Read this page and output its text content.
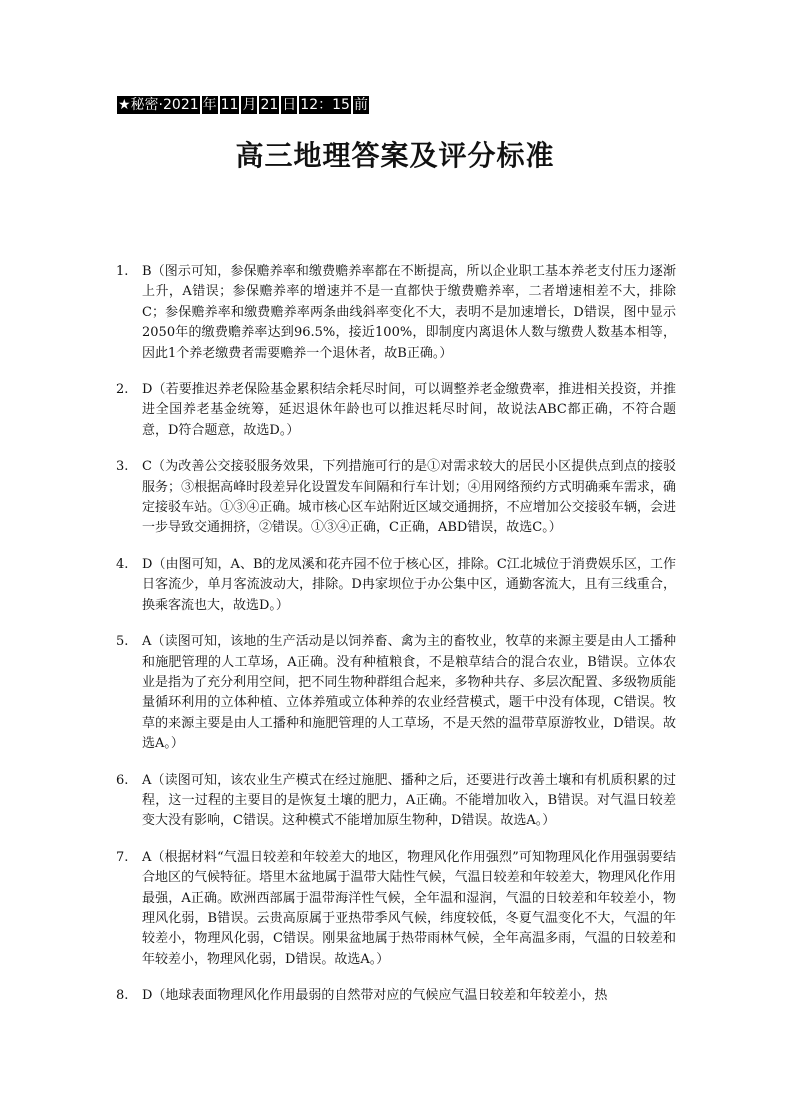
★秘密·2021 年 11 月 21 日 12：15 前
高三地理答案及评分标准
1.	B（图示可知，参保赡养率和缴费赡养率都在不断提高，所以企业职工基本养老支付压力逐渐上升，A错误；参保赡养率的增速并不是一直都快于缴费赡养率，二者增速相差不大，排除C；参保赡养率和缴费赡养率两条曲线斜率变化不大，表明不是加速增长，D错误，图中显示2050年的缴费赡养率达到96.5%，接近100%，即制度内离退休人数与缴费人数基本相等，因此1个养老缴费者需要赡养一个退休者，故B正确。）
2.	D（若要推迟养老保险基金累积结余耗尽时间，可以调整养老金缴费率，推进相关投资，并推进全国养老基金统筹，延迟退休年龄也可以推迟耗尽时间，故说法ABC都正确，不符合题意，D符合题意，故选D。）
3.	C（为改善公交接驳服务效果，下列措施可行的是①对需求较大的居民小区提供点到点的接驳服务；③根据高峰时段差异化设置发车间隔和行车计划；④用网络预约方式明确乘车需求，确定接驳车站。①③④正确。城市核心区车站附近区域交通拥挤，不应增加公交接驳车辆，会进一步导致交通拥挤，②错误。①③④正确，C正确，ABD错误，故选C。）
4.	D（由图可知，A、B的龙凤溪和花卉园不位于核心区，排除。C江北城位于消费娱乐区，工作日客流少，单月客流波动大，排除。D冉家坝位于办公集中区，通勤客流大，且有三线重合，换乘客流也大，故选D。）
5.	A（读图可知，该地的生产活动是以饲养畜、禽为主的畜牧业，牧草的来源主要是由人工播种和施肥管理的人工草场，A正确。没有种植粮食，不是粮草结合的混合农业，B错误。立体农业是指为了充分利用空间，把不同生物种群组合起来，多物种共存、多层次配置、多级物质能量循环利用的立体种植、立体养殖或立体种养的农业经营模式，题干中没有体现，C错误。牧草的来源主要是由人工播种和施肥管理的人工草场，不是天然的温带草原游牧业，D错误。故选A。）
6.	A（读图可知，该农业生产模式在经过施肥、播种之后，还要进行改善土壤和有机质积累的过程，这一过程的主要目的是恢复土壤的肥力，A正确。不能增加收入，B错误。对气温日较差变大没有影响，C错误。这种模式不能增加原生物种，D错误。故选A。）
7.	A（根据材料“气温日较差和年较差大的地区，物理风化作用强烈”可知物理风化作用强弱要结合地区的气候特征。塔里木盆地属于温带大陆性气候，气温日较差和年较差大，物理风化作用最强，A正确。欧洲西部属于温带海洋性气候，全年温和湿润，气温的日较差和年较差小，物理风化弱，B错误。云贵高原属于亚热带季风气候，纬度较低，冬夏气温变化不大，气温的年较差小，物理风化弱，C错误。刚果盆地属于热带雨林气候，全年高温多雨，气温的日较差和年较差小，物理风化弱，D错误。故选A。）
8.	D（地球表面物理风化作用最弱的自然带对应的气候应气温日较差和年较差小，热
